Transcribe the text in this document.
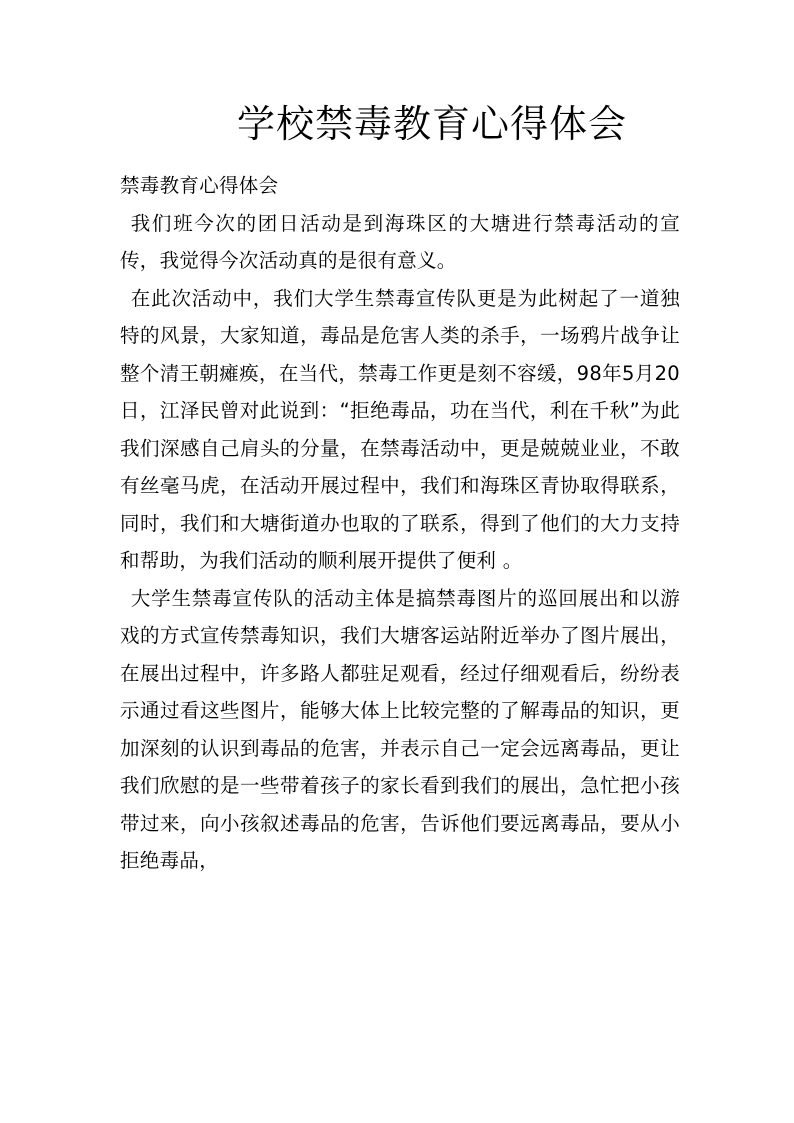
学校禁毒教育心得体会

禁毒教育心得体会

我们班今次的团日活动是到海珠区的大塘进行禁毒活动的宣传，我觉得今次活动真的是很有意义。

在此次活动中，我们大学生禁毒宣传队更是为此树起了一道独特的风景，大家知道，毒品是危害人类的杀手，一场鸦片战争让整个清王朝瘫痪，在当代，禁毒工作更是刻不容缓，98年5月20日，江泽民曾对此说到：“拒绝毒品，功在当代，利在千秋”为此我们深感自己肩头的分量，在禁毒活动中，更是兢兢业业，不敢有丝毫马虎，在活动开展过程中，我们和海珠区青协取得联系，同时，我们和大塘街道办也取的了联系，得到了他们的大力支持和帮助，为我们活动的顺利展开提供了便利 。

大学生禁毒宣传队的活动主体是搞禁毒图片的巡回展出和以游戏的方式宣传禁毒知识，我们大塘客运站附近举办了图片展出，在展出过程中，许多路人都驻足观看，经过仔细观看后，纷纷表示通过看这些图片，能够大体上比较完整的了解毒品的知识，更加深刻的认识到毒品的危害，并表示自己一定会远离毒品，更让我们欣慰的是一些带着孩子的家长看到我们的展出，急忙把小孩带过来，向小孩叙述毒品的危害，告诉他们要远离毒品，要从小拒绝毒品，
